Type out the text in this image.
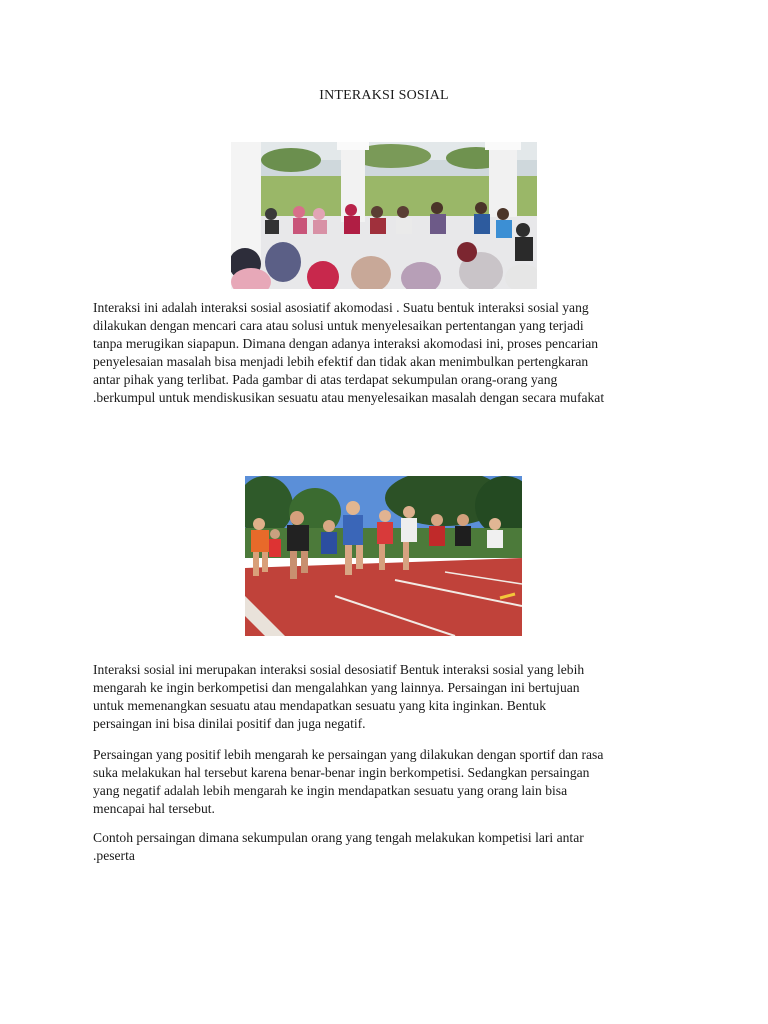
INTERAKSI SOSIAL

Interaksi ini adalah interaksi sosial asosiatif akomodasi . Suatu bentuk interaksi sosial yang
dilakukan dengan mencari cara atau solusi untuk menyelesaikan pertentangan yang terjadi
tanpa merugikan siapapun. Dimana dengan adanya interaksi akomodasi ini, proses pencarian
penyelesaian masalah bisa menjadi lebih efektif dan tidak akan menimbulkan pertengkaran
antar pihak yang terlibat. Pada gambar di atas terdapat sekumpulan orang-orang yang
.berkumpul untuk mendiskusikan sesuatu atau menyelesaikan masalah dengan secara mufakat

Interaksi sosial ini merupakan interaksi sosial desosiatif Bentuk interaksi sosial yang lebih
mengarah ke ingin berkompetisi dan mengalahkan yang lainnya. Persaingan ini bertujuan
untuk memenangkan sesuatu atau mendapatkan sesuatu yang kita inginkan. Bentuk
persaingan ini bisa dinilai positif dan juga negatif.

Persaingan yang positif lebih mengarah ke persaingan yang dilakukan dengan sportif dan rasa
suka melakukan hal tersebut karena benar-benar ingin berkompetisi. Sedangkan persaingan
yang negatif adalah lebih mengarah ke ingin mendapatkan sesuatu yang orang lain bisa
mencapai hal tersebut.

Contoh persaingan dimana sekumpulan orang yang tengah melakukan kompetisi lari antar
.peserta
